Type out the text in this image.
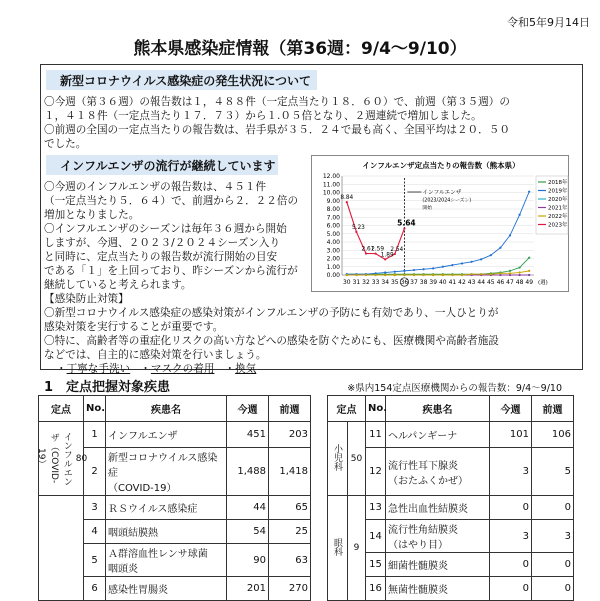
令和5年9月14日
熊本県感染症情報（第36週：9/4～9/10）
新型コロナウイルス感染症の発生状況について
〇今週（第３６週）の報告数は１，４８８件（一定点当たり１８．６０）で、前週（第３５週）の
１，４１８件（一定点当たり１７．７３）から１.０５倍となり、２週連続で増加しました。
〇前週の全国の一定点当たりの報告数は、岩手県が３５．２４で最も高く、全国平均は２０．５０
でした。
インフルエンザの流行が継続しています
〇今週のインフルエンザの報告数は、４５１件
（一定点当たり５．６４）で、前週から２．２２倍の
増加となりました。
〇インフルエンザのシーズンは毎年３６週から開始
しますが、今週、２０２３/２０２４シーズン入り
と同時に、定点当たりの報告数が流行開始の目安
である「１」を上回っており、昨シーズンから流行が
継続していると考えられます。
【感染防止対策】
〇新型コロナウイルス感染症の感染対策がインフルエンザの予防にも有効であり、一人ひとりが
感染対策を実行することが重要です。
〇特に、高齢者等の重症化リスクの高い方などへの感染を防ぐためにも、医療機関や高齢者施設
などでは、自主的に感染対策を行いましょう。
・丁寧な手洗い ・マスクの着用 ・換気
インフルエンザ定点当たりの報告数（熊本県）
0.00
1.00
2.00
3.00
4.00
5.00
6.00
7.00
8.00
9.00
10.00
11.00
12.00
30 31 32 33 34 35 36 37 38 39 40 41 42 43 44 45 46 47 48 49 (週)
インフルエンザ
(2023/2024シーズン)
開始
8.84
5.23
2.61
2.59
1.89
2.54
5.64
2018年
2019年
2020年
2021年
2022年
2023年
1　定点把握対象疾患	※県内154定点医療機関からの報告数：9/4～9/10
定点	No.	疾患名	今週	前週

インフルエンザ（COVID-19） 80	1	インフルエンザ	451	203
	2	新型コロナウイルス感染症
（COVID-19）	1,488	1,418
	3	ＲＳウイルス感染症	44	65
	4	咽頭結膜熱	54	25
	5	Ａ群溶血性レンサ球菌
咽頭炎	90	63
	6	感染性胃腸炎	201	270
定点		No.	疾患名	今週	前週
小児科	50	11	ヘルパンギーナ	101	106
		12	流行性耳下腺炎
（おたふくかぜ）	3	5
眼科	9	13	急性出血性結膜炎	0	0
		14	流行性角結膜炎
（はやり目）	3	3
		15	細菌性髄膜炎	0	0
		16	無菌性髄膜炎	0	0
